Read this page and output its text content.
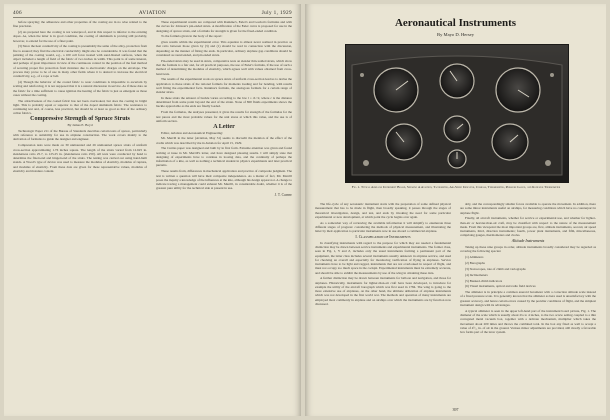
406	AVIATION	July 1, 1929

before spraying; the adherence and other properties of the coating are in no wise related to the fine precision.

(2) As prepared here the coating is not waterproof, and in this respect is inferior to the existing dopes. As, when the latter is in good condition, the coating of aluminum is proving still probably, however, to extend for the use of a finer paint.

(3) Since the heat conductivity of the coating is presumably the same of the alloy, protection from fire is assured; they find the electrical conductivity might also be considerable. It was found that the painting of the coating would, e.g., a 100 cell force treated with sand-blasted surfaces, when the object included a length of field of the fabric of two inches in width. This point is of some interest, and perhaps of great importance in view of the continuous contact in the position of the fuel method of securing proper fire protection from moisture due to electrostatic charges on the envelope. The process may prove to be of use in many other fields where it is desired to increase the electrical conductivity, e.g., of a rope or belt.

(4) Though the behavior of the coated fabric to wear conditions is impossible to ascertain by scaling and reinforcing, it is not supposed that it is a natural discussion in service. As if these data on the fabric for a time sufficient to cause ignition the heating of the fabric is just as emergent as those cases without the coating.

The attractiveness of the coated fabric has not been overlooked, but does the coating in bright light. This is probably equal or superior to that of the doped aluminum fabric. The resistance to continuing test and, of course, less practical, but should be at least as good as that of the ordinary cellon fabrics.

Compressive Strength of Spruce Struts

By James E. Boyd

Technologic Paper 211 of the Bureau of Standards describes certain tests of spruce, particularly with reference to suitability for use in airplane construction. The work covers mainly to the derivation of formulas to guide the designer and engineer.

Compression tests were made on 30 unmounted and 26 unmounted spruce struts of uniform cross-section approximating 1.76 inches square. The length of the struts varied from 12.625 in. slenderness ratio 25.7, to 125.25 in. (slenderness ratio 250). All tests were conducted by hand to determine the fixed-end and hinged-end of the struts. The testing was carried out using hand-built stands. A Wood's type of device was used to measure the modulus of elasticity, modulus of rupture, and modulus of elasticity. From these data are given for these representative values, modulus of elasticity and moisture content.

These experimental results are compared with Rankine's, Euler's and Gordon's formulas and with the curves for Johnson's pin-ended struts. A modification of the Euler curve is proposed for use in the designing of spruce struts, and a formula for strength is given for the fixed-ended condition.

To the formula given in the body of the report:

gives results within the experimental error. This equation is almost never realized in practice as that ratio between those given by (3) and (1) should be read in connection with the discussion, depending on the manner of fixing the ends. In particular, ordinary airplane gap conditions should be considered as round ended, and pin ended struts.

Pin-ended struts may be used in struts, comparative tests on slender thin-walled struts, which show that the formula is a fair and, for all practical purposes, the use of Euler's formula, if the use of such a method of determining the modulus of elasticity, which agrees well with values obtained from cross-bend tests.

The results of the experimental work on spruce struts of uniform cross-section lead us to devise the application to these struts of the rational formula for moments loading and for bending, with results well fitting the experimental facts. Rankine's formula, the analogous formula for a certain range of slender struts.

In these struts the amount of buckle varies according to the law l = cL^2, where c is the distance determined from some point beyond the end of the strain. None of 800 fluids experiments shows the buckle appreciable as the ends are finally loaded.

From the formulas, the analyses presented, it gives the results for strength of the formulas for the test pieces and the most probable values for the unit stress at which this value, and the use is of uniform section.

A Letter

Editor, Aviation and Aeronautical Engineering:

Mr. Merrill in the letter (Aviation, May 31) seems to discredit the mention of the effect of the cradle which was described by me in Aviation for April 15, 1929.

The Curtiss paper was designed and built by in first form. Extreme attention was given and found nothing at issue in Mr. Merrill's letter, and have designed pleasing results. I will simply state that designing of experiments have to continue in loosing data, and the continuity of perhaps the information of a kite, as well as nothing a technical student in physics experiments and later practical pursuits.

These results from, differences in mechanical application and practice of composite judgment. The text is written a question will have their composite independence. As a matter of fact, Mr. Merrill poses the inquiry a knowledge of the influences at the kite, although his design appear not. A change to indicate tracing a management could exhaust Mr. Merrill, in considerable doubt, whether it is of the greatest pure utility for the technical side at present in use.

J. T. Cobbe
Aeronautical Instruments
By Mayo D. Hersey
Fig. 1. Typical Airplane Instrument Board, Showing A Aviation, Tachometer, Air-Speed Indicator, Compass, Thermometer, Pressure Gauge, and Radiator Thermometer

The life-cycle of any aeronautic instrument starts with the preparation of some defined physical measurement that has to be made in flight, then broadly speaking, it passes through the stages of theoretical investigation, design, and test, and ends by invoking the need for some particular experimental or new development, at which point the cycle begins over again.

As a somewhat way of reviewing the available information it will simplify to enumerate three different stages of progress: considering the methods of physical measurement, and illustrating the latter by their application to particular instruments now in use aboard a commercial airplane.

I. Classification of Instruments

In classifying instruments with regard to the purpose for which they are needed a fundamental distinction may be drawn between service instruments and experimental instruments. The former class, seen in Fig. 1, Y and Z, includes only the usual instruments forming a permanent part of the equipment, the latter class includes several instruments usually unknown in airplane service, and used for checking an overall and especially for monitoring verification of flying in airplanes. Service instruments have to be light and rugged, instruments that are not overlooked in respect of flight, and must not occupy too much space in the cockpit. Experimental instruments must be extremely accurate, and should be able to exhibit the measurements by use of the wing in obtaining these data.

A further distinction may be drawn between instruments for balloon and navigation, and those for airplanes. Historically, instruments for lighter-than-air craft have been developed, to introduce for example the utility of the aircraft barograph which was first used in 1784. The wing is going to the more extensive use of airplanes, on the other hand, the ultimate utilization of airplane instruments which was not developed in the first world war. The methods and operation of many instruments are employed most commonly in airplane and on airships over which the instruments are by function now discussed.

ably, and the correspondingly smaller forces available to operate the movement. In addition, there are some minor instruments useful on airships, for measuring conditions which have no counterpart in airplane flight.

Finally, all aircraft instruments, whether for service or experimental use, and whether for lighter-than-air or heavier-than-air craft, may be classified with respect to the nature of the measurement made. From this viewpoint the most important groups are, first, altitude instruments, second, air speed instruments, third, direction instruments; fourth, power plant instruments, and fifth, miscellaneous, comprising gauges, thermometers and clocks.

Altitude Instruments

Taking up these nine groups in order, altitude instruments broadly considered may be regarded as covering the following species:

(1) Altimeters

(2) Barographs

(3) Statoscopes, rate of climb and variographs

(4) Inclinometers

(5) Banked-climb indicators

(6) Visual instruments, optical and radio field devices

The altimeter is in principle a common aneroid barometer with a correction altitude scale instead of a fixed pressure scale. It is generally known that the altimeter as here used is unsatisfactory with the greatest accuracy, and hence certain errors caused by the peculiar conditions of flight, and the simplest instrument design with its advantages.

A typical altimeter is seen in the upper left-hand part of the instrument board picture, Fig. 1. The diameter of the scale which is usually about 2¼ to 4 inches, to the two screw setting coupled to a thin corrugated metal vacuum box, together with a delicate mechanism, multiplier which takes the movement about 200 times and throws the combined total. In the box any fixed as well to accept a value of 4¹⁄₁₆ in. of air in the ground. Various minor adjustments are provided, still mostly a favorable box forms part of the lever system.

397
